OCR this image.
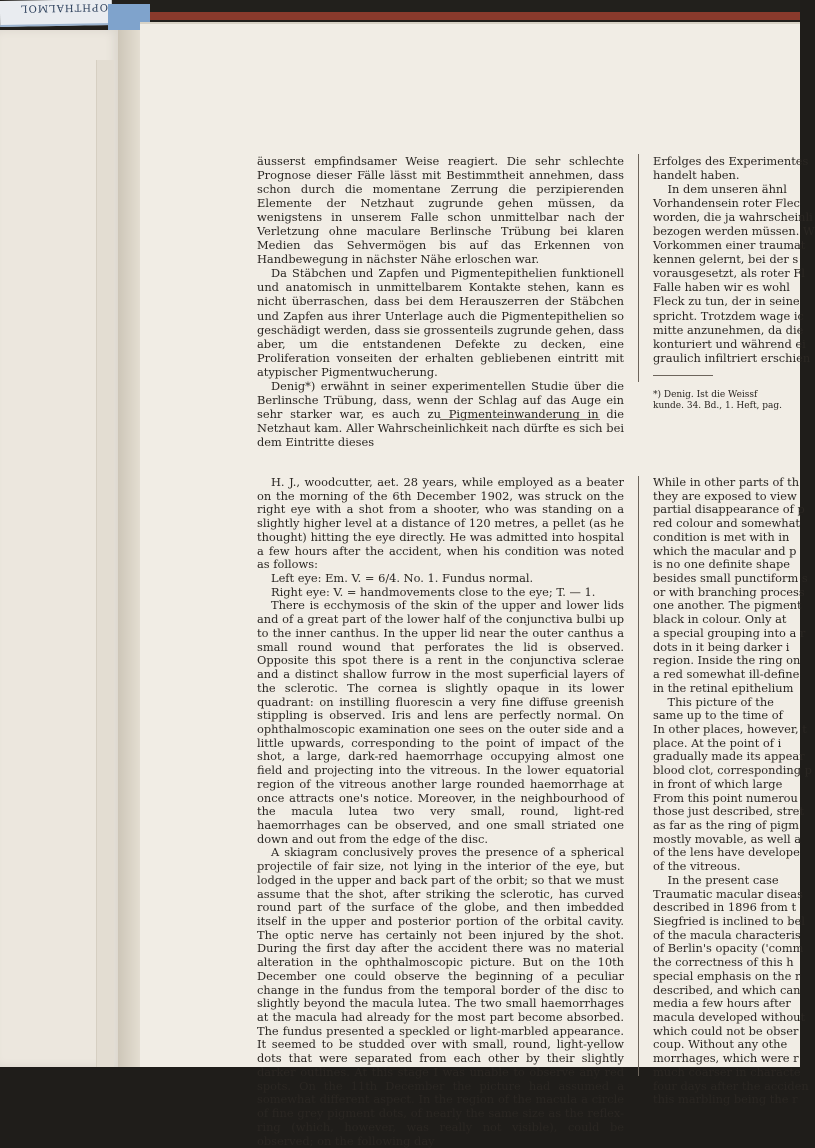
OPHTHALMOL

äusserst empfindsamer Weise reagiert. Die sehr schlechte Prognose dieser Fälle lässt mit Bestimmtheit annehmen, dass schon durch die momentane Zerrung die perzipierenden Elemente der Netzhaut zugrunde gehen müssen, da wenigstens in unserem Falle schon unmittelbar nach der Verletzung ohne maculare Berlinsche Trübung bei klaren Medien das Sehvermögen bis auf das Erkennen von Handbewegung in nächster Nähe erloschen war.

Da Stäbchen und Zapfen und Pigmentepithelien funktionell und anatomisch in unmittelbarem Kontakte stehen, kann es nicht überraschen, dass bei dem Herauszerren der Stäbchen und Zapfen aus ihrer Unterlage auch die Pigmentepithelien so geschädigt werden, dass sie grossenteils zugrunde gehen, dass aber, um die entstandenen Defekte zu decken, eine Proliferation vonseiten der erhalten gebliebenen eintritt mit atypischer Pigmentwucherung.

Denig*) erwähnt in seiner experimentellen Studie über die Berlinsche Trübung, dass, wenn der Schlag auf das Auge ein sehr starker war, es auch zu Pigmenteinwanderung in die Netzhaut kam. Aller Wahrscheinlichkeit nach dürfte es sich bei dem Eintritte dieses

Erfolges des Experimentes
handelt haben.
In dem unseren ähnl
Vorhandensein roter Flec
worden, die ja wahrscheinli
bezogen werden müssen. W
Vorkommen einer traumat
kennen gelernt, bei der s
vorausgesetzt, als roter Fl
Falle haben wir es wohl
Fleck zu tun, der in seine
spricht. Trotzdem wage ic
mitte anzunehmen, da die
konturiert und während ei
graulich infiltriert erschien
*) Denig. Ist die Weissf
kunde. 34. Bd., 1. Heft, pag.

H. J., woodcutter, aet. 28 years, while employed as a beater on the morning of the 6th December 1902, was struck on the right eye with a shot from a shooter, who was standing on a slightly higher level at a distance of 120 metres, a pellet (as he thought) hitting the eye directly. He was admitted into hospital a few hours after the accident, when his condition was noted as follows:

Left eye: Em. V. = 6/4. No. 1. Fundus normal.

Right eye: V. = handmovements close to the eye; T. — 1.

There is ecchymosis of the skin of the upper and lower lids and of a great part of the lower half of the conjunctiva bulbi up to the inner canthus. In the upper lid near the outer canthus a small round wound that perforates the lid is observed. Opposite this spot there is a rent in the conjunctiva sclerae and a distinct shallow furrow in the most superficial layers of the sclerotic. The cornea is slightly opaque in its lower quadrant: on instilling fluorescin a very fine diffuse greenish stippling is observed. Iris and lens are perfectly normal. On ophthalmoscopic examination one sees on the outer side and a little upwards, corresponding to the point of impact of the shot, a large, dark-red haemorrhage occupying almost one field and projecting into the vitreous. In the lower equatorial region of the vitreous another large rounded haemorrhage at once attracts one's notice. Moreover, in the neighbourhood of the macula lutea two very small, round, light-red haemorrhages can be observed, and one small striated one down and out from the edge of the disc.

A skiagram conclusively proves the presence of a spherical projectile of fair size, not lying in the interior of the eye, but lodged in the upper and back part of the orbit; so that we must assume that the shot, after striking the sclerotic, has curved round part of the surface of the globe, and then imbedded itself in the upper and posterior portion of the orbital cavity. The optic nerve has certainly not been injured by the shot. During the first day after the accident there was no material alteration in the ophthalmoscopic picture. But on the 10th December one could observe the beginning of a peculiar change in the fundus from the temporal border of the disc to slightly beyond the macula lutea. The two small haemorrhages at the macula had already for the most part become absorbed. The fundus presented a speckled or light-marbled appearance. It seemed to be studded over with small, round, light-yellow dots that were separated from each other by their slightly darker outlines. At this stage I was unable to observe any red spots. On the 11th December the picture had assumed a somewhat different aspect. In the region of the macula a circle of fine grey pigment dots, of nearly the same size as the reflex-ring (which, however, was really not visible), could be observed; on the following day

While in other parts of th
they are exposed to view
partial disappearance of p
red colour and somewhat
condition is met with in
which the macular and p
is no one definite shape
besides small punctiform s
or with branching process
one another. The pigment
black in colour. Only at
a special grouping into a r
dots in it being darker i
region. Inside the ring on
a red somewhat ill-define
in the retinal epithelium
This picture of the
same up to the time of
In other places, however, t
place. At the point of i
gradually made its appear
blood clot, corresponding p
in front of which large
From this point numerou
those just described, stret
as far as the ring of pigm
mostly movable, as well a
of the lens have develope
of the vitreous.
In the present case
Traumatic macular diseas
described in 1896 from t
Siegfried is inclined to bel
of the macula characteris
of Berlin's opacity ('comm
the correctness of this h
special emphasis on the r
described, and which can
media a few hours after
macula developed without
which could not be obser
coup. Without any othe
morrhages, which were r
much coarser in characte
four days after the acciden
this marbling being the r
